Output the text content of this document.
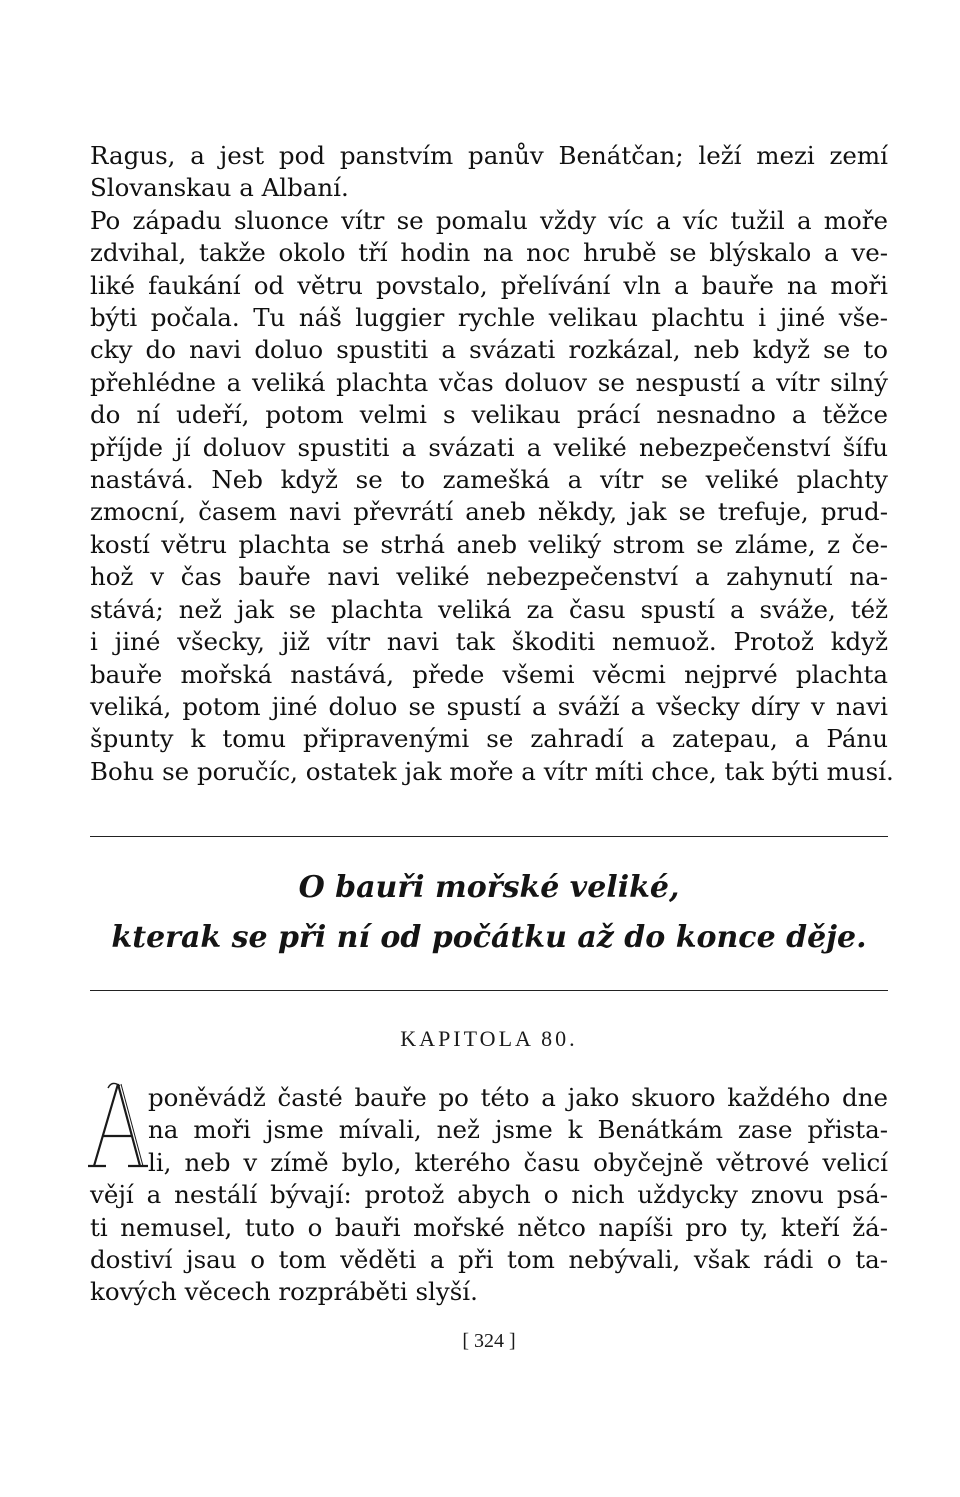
Ragus, a jest pod panstvím panův Benátčan; leží mezi zemí
Slovanskau a Albaní.
Po západu sluonce vítr se pomalu vždy víc a víc tužil a moře
zdvihal, takže okolo tří hodin na noc hrubě se blýskalo a ve-
liké faukání od větru povstalo, přelívání vln a bauře na moři
býti počala. Tu náš luggier rychle velikau plachtu i jiné vše-
cky do navi doluo spustiti a svázati rozkázal, neb když se to
přehlédne a veliká plachta včas doluov se nespustí a vítr silný
do ní udeří, potom velmi s velikau prácí nesnadno a těžce
příjde jí doluov spustiti a svázati a veliké nebezpečenství šífu
nastává. Neb když se to zamešká a vítr se veliké plachty
zmocní, časem navi převrátí aneb někdy, jak se trefuje, prud-
kostí větru plachta se strhá aneb veliký strom se zláme, z če-
hož v čas bauře navi veliké nebezpečenství a zahynutí na-
stává; než jak se plachta veliká za času spustí a sváže, též
i jiné všecky, již vítr navi tak škoditi nemuož. Protož když
bauře mořská nastává, přede všemi věcmi nejprvé plachta
veliká, potom jiné doluo se spustí a sváží a všecky díry v navi
špunty k tomu připravenými se zahradí a zatepau, a Pánu
Bohu se poručíc, ostatek jak moře a vítr míti chce, tak býti musí.

O bauři mořské veliké,
kterak se při ní od počátku až do konce děje.
KAPITOLA 80.
poněvádž časté bauře po této a jako skuoro každého dne
na moři jsme mívali, než jsme k Benátkám zase přista-
li, neb v zímě bylo, kterého času obyčejně větrové velicí
vějí a nestálí bývají: protož abych o nich uždycky znovu psá-
ti nemusel, tuto o bauři mořské nětco napíši pro ty, kteří žá-
dostiví jsau o tom věděti a při tom nebývali, však rádi o ta-
kových věcech rozpráběti slyší.
[ 324 ]
